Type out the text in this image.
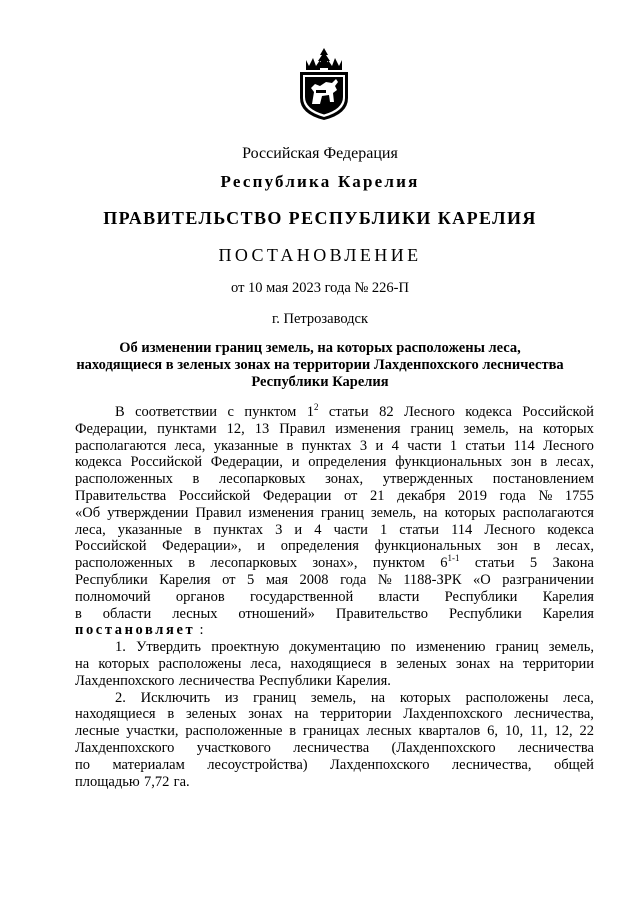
Российская Федерация
Республика Карелия
ПРАВИТЕЛЬСТВО РЕСПУБЛИКИ КАРЕЛИЯ
ПОСТАНОВЛЕНИЕ
от 10 мая 2023 года № 226-П
г. Петрозаводск
Об изменении границ земель, на которых расположены леса,
находящиеся в зеленых зонах на территории Лахденпохского лесничества
Республики Карелия
В соответствии с пунктом $1^2$ статьи 82 Лесного кодекса Российской
Федерации, пунктами 12, 13 Правил изменения границ земель, на которых
располагаются леса, указанные в пунктах 3 и 4 части 1 статьи 114 Лесного
кодекса Российской Федерации, и определения функциональных зон в лесах,
расположенных в лесопарковых зонах, утвержденных постановлением
Правительства Российской Федерации от 21 декабря 2019 года № 1755
«Об утверждении Правил изменения границ земель, на которых располагаются
леса, указанные в пунктах 3 и 4 части 1 статьи 114 Лесного кодекса
Российской Федерации», и определения функциональных зон в лесах,
расположенных в лесопарковых зонах», пунктом 6$^{1-1}$ статьи 5 Закона
Республики Карелия от 5 мая 2008 года № 1188-ЗРК «О разграничении
полномочий органов государственной власти Республики Карелия
в области лесных отношений» Правительство Республики Карелия
постановляет :
1. Утвердить проектную документацию по изменению границ земель,
на которых расположены леса, находящиеся в зеленых зонах на территории
Лахденпохского лесничества Республики Карелия.
2. Исключить из границ земель, на которых расположены леса,
находящиеся в зеленых зонах на территории Лахденпохского лесничества,
лесные участки, расположенные в границах лесных кварталов 6, 10, 11, 12, 22
Лахденпохского участкового лесничества (Лахденпохского лесничества
по материалам лесоустройства) Лахденпохского лесничества, общей
площадью 7,72 га.
